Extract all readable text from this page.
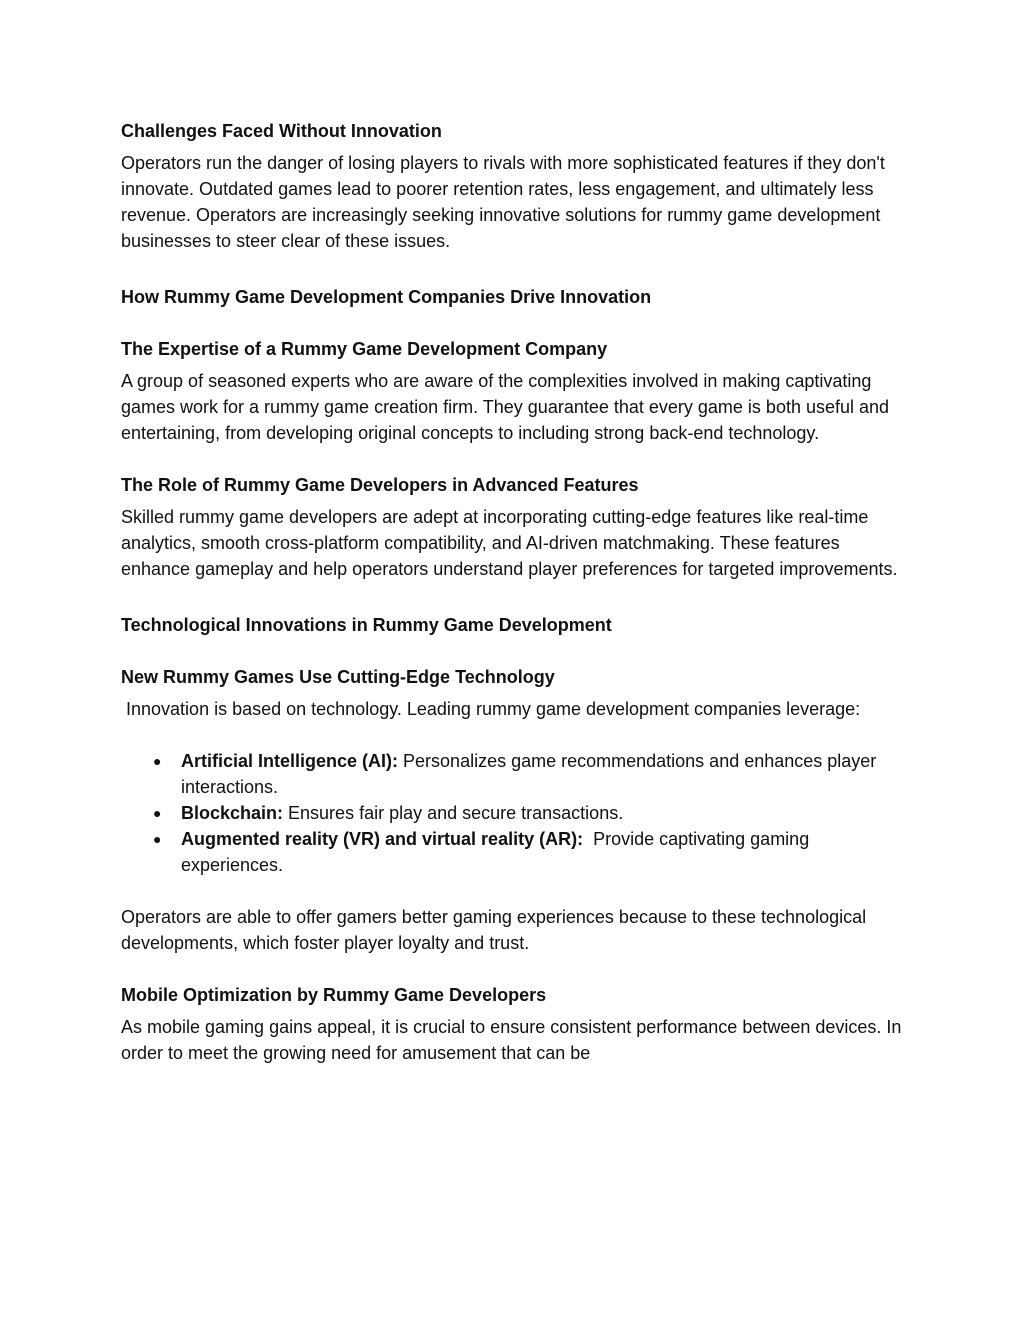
Challenges Faced Without Innovation

Operators run the danger of losing players to rivals with more sophisticated features if they don't innovate. Outdated games lead to poorer retention rates, less engagement, and ultimately less revenue. Operators are increasingly seeking innovative solutions for rummy game development businesses to steer clear of these issues.

How Rummy Game Development Companies Drive Innovation
The Expertise of a Rummy Game Development Company

A group of seasoned experts who are aware of the complexities involved in making captivating games work for a rummy game creation firm. They guarantee that every game is both useful and entertaining, from developing original concepts to including strong back-end technology.

The Role of Rummy Game Developers in Advanced Features

Skilled rummy game developers are adept at incorporating cutting-edge features like real-time analytics, smooth cross-platform compatibility, and AI-driven matchmaking. These features enhance gameplay and help operators understand player preferences for targeted improvements.

Technological Innovations in Rummy Game Development
New Rummy Games Use Cutting-Edge Technology

Innovation is based on technology. Leading rummy game development companies leverage:

● Artificial Intelligence (AI): Personalizes game recommendations and enhances player interactions.
● Blockchain: Ensures fair play and secure transactions.
● Augmented reality (VR) and virtual reality (AR):  Provide captivating gaming experiences.

Operators are able to offer gamers better gaming experiences because to these technological developments, which foster player loyalty and trust.

Mobile Optimization by Rummy Game Developers

As mobile gaming gains appeal, it is crucial to ensure consistent performance between devices. In order to meet the growing need for amusement that can be
